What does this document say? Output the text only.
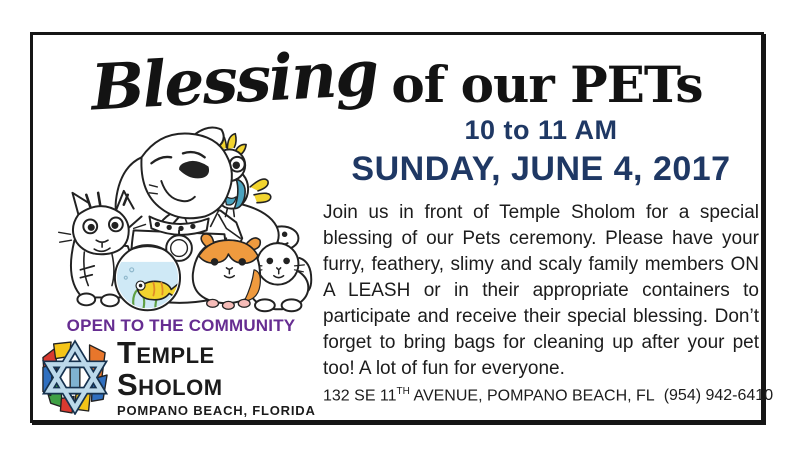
Blessing of our PETs
10 to 11 AM
SUNDAY, JUNE 4, 2017
Join us in front of Temple Sholom for a special blessing of our Pets ceremony. Please have your furry, feathery, slimy and scaly family members ON A LEASH or in their appropriate containers to participate and receive their special blessing. Don’t forget to bring bags for cleaning up after your pet too! A lot of fun for everyone.
132 SE 11TH AVENUE, POMPANO BEACH, FL (954) 942-6410
OPEN TO THE COMMUNITY
Temple Sholom
POMPANO BEACH, FLORIDA
